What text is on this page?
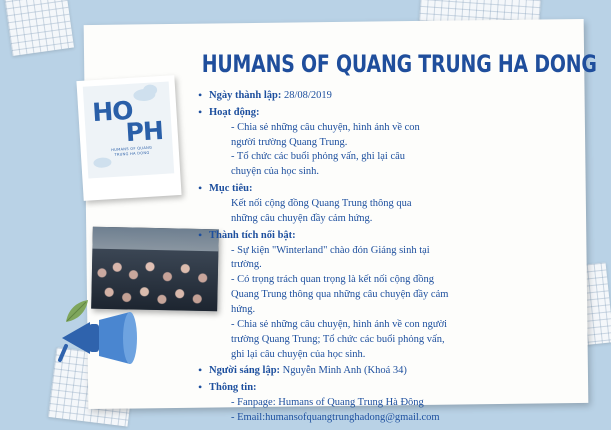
HO
PH
HUMANS OF QUANG TRUNG HA DONG
HUMANS OF QUANG TRUNG HA DONG
• Ngày thành lập: 28/08/2019
• Hoạt động:

- Chia sẻ những câu chuyện, hình ảnh về con

người trường Quang Trung.

- Tổ chức các buổi phỏng vấn, ghi lại câu

chuyện của học sinh.

• Mục tiêu:

Kết nối cộng đồng Quang Trung thông qua

những câu chuyện đầy cảm hứng.

• Thành tích nổi bật:

- Sự kiện "Winterland" chào đón Giáng sinh tại

trường.

- Có trọng trách quan trọng là kết nối cộng đồng

Quang Trung thông qua những câu chuyện đầy cảm

hứng.

- Chia sẻ những câu chuyện, hình ảnh về con người

trường Quang Trung; Tổ chức các buổi phỏng vấn,

ghi lại câu chuyện của học sinh.

• Người sáng lập: Nguyễn Minh Anh (Khoá 34)
• Thông tin:

- Fanpage: Humans of Quang Trung Hà Đông

- Email:humansofquangtrunghadong@gmail.com
